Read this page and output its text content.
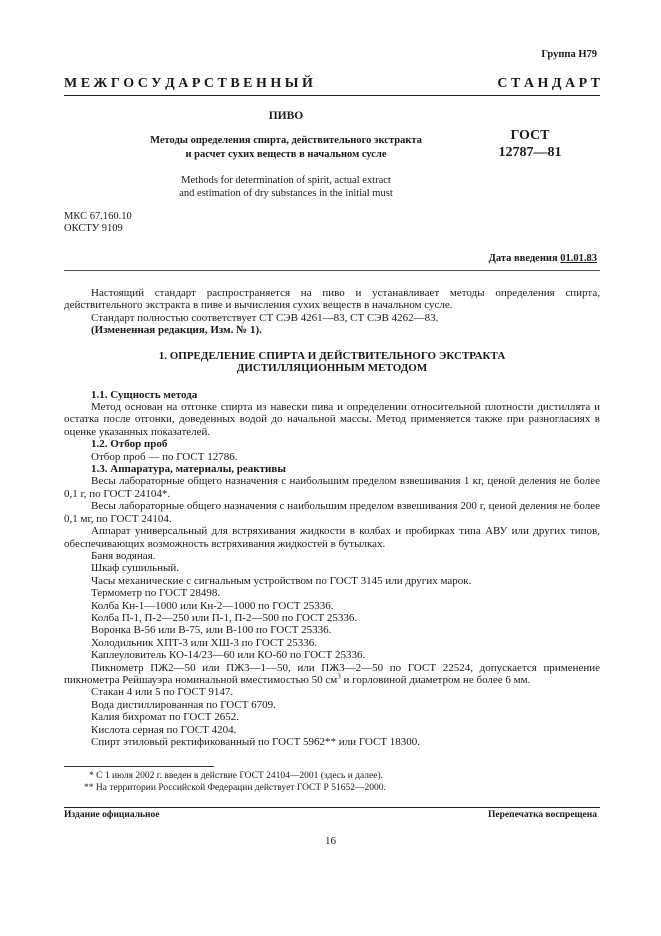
Группа Н79
М Е Ж Г О С У Д А Р С Т В Е Н Н Ы Й	С Т А Н Д А Р Т
ПИВО
Методы определения спирта, действительного экстракта
и расчет сухих веществ в начальном сусле
ГОСТ
12787—81
Methods for determination of spirit, actual extract
and estimation of dry substances in the initial must
МКС 67.160.10
ОКСТУ 9109
Дата введения 01.01.83

Настоящий стандарт распространяется на пиво и устанавливает методы определения спирта, действительного экстракта в пиве и вычисления сухих веществ в начальном сусле.

Стандарт полностью соответствует СТ СЭВ 4261—83, СТ СЭВ 4262—83.

(Измененная редакция, Изм. № 1).

1. ОПРЕДЕЛЕНИЕ СПИРТА И ДЕЙСТВИТЕЛЬНОГО ЭКСТРАКТА
ДИСТИЛЛЯЦИОННЫМ МЕТОДОМ

1.1. Сущность метода

Метод основан на отгонке спирта из навески пива и определении относительной плотности дистиллята и остатка после отгонки, доведенных водой до начальной массы. Метод применяется также при разногласиях в оценке указанных показателей.

1.2. Отбор проб

Отбор проб — по ГОСТ 12786.

1.3. Аппаратура, материалы, реактивы

Весы лабораторные общего назначения с наибольшим пределом взвешивания 1 кг, ценой деления не более 0,1 г, по ГОСТ 24104*.

Весы лабораторные общего назначения с наибольшим пределом взвешивания 200 г, ценой деления не более 0,1 мг, по ГОСТ 24104.

Аппарат универсальный для встряхивания жидкости в колбах и пробирках типа АВУ или других типов, обеспечивающих возможность встряхивания жидкостей в бутылках.

Баня водяная.

Шкаф сушильный.

Часы механические с сигнальным устройством по ГОСТ 3145 или других марок.

Термометр по ГОСТ 28498.

Колба Кн-1—1000 или Кн-2—1000 по ГОСТ 25336.

Колба П-1, П-2—250 или П-1, П-2—500 по ГОСТ 25336.

Воронка В-56 или В-75, или В-100 по ГОСТ 25336.

Холодильник ХПТ-3 или ХШ-3 по ГОСТ 25336.

Каплеуловитель КО-14/23—60 или КО-60 по ГОСТ 25336.

Пикнометр ПЖ2—50 или ПЖ3—1—50, или ПЖ3—2—50 по ГОСТ 22524, допускается применение пикнометра Рейшауэра номинальной вместимостью 50 $см^3$ и горловиной диаметром не более 6 мм.

Стакан 4 или 5 по ГОСТ 9147.

Вода дистиллированная по ГОСТ 6709.

Калия бихромат по ГОСТ 2652.

Кислота серная по ГОСТ 4204.

Спирт этиловый ректификованный по ГОСТ 5962** или ГОСТ 18300.

* С 1 июля 2002 г. введен в действие ГОСТ 24104—2001 (здесь и далее).

** На территории Российской Федерации действует ГОСТ Р 51652—2000.

Издание официальное	Перепечатка воспрещена
16
